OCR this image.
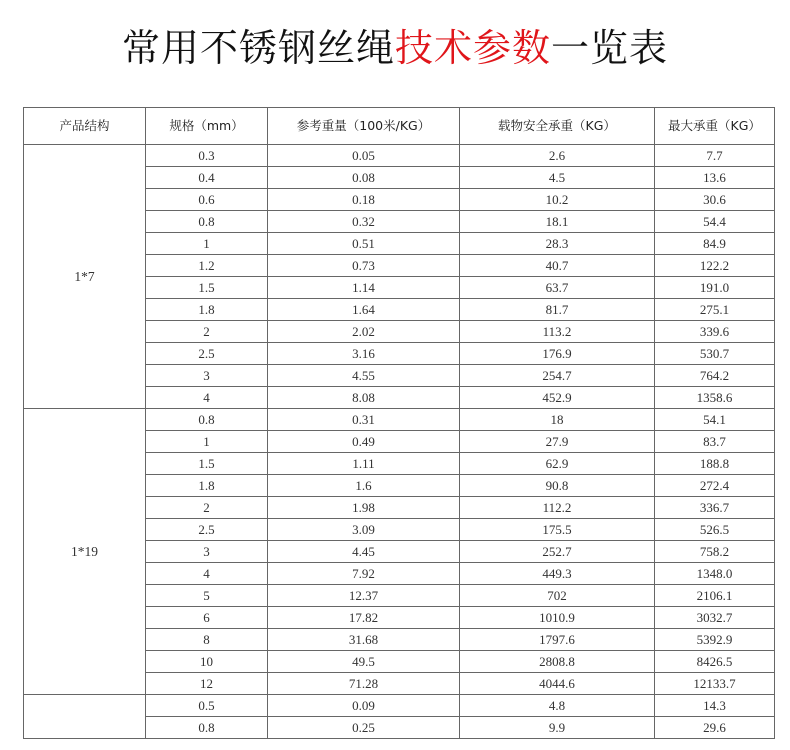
常用不锈钢丝绳技术参数一览表
产品结构	规格（mm）	参考重量（100米/KG）	载物安全承重（KG）	最大承重（KG）
1*7	0.3	0.05	2.6	7.7
	0.4	0.08	4.5	13.6
	0.6	0.18	10.2	30.6
	0.8	0.32	18.1	54.4
	1	0.51	28.3	84.9
	1.2	0.73	40.7	122.2
	1.5	1.14	63.7	191.0
	1.8	1.64	81.7	275.1
	2	2.02	113.2	339.6
	2.5	3.16	176.9	530.7
	3	4.55	254.7	764.2
	4	8.08	452.9	1358.6
1*19	0.8	0.31	18	54.1
	1	0.49	27.9	83.7
	1.5	1.11	62.9	188.8
	1.8	1.6	90.8	272.4
	2	1.98	112.2	336.7
	2.5	3.09	175.5	526.5
	3	4.45	252.7	758.2
	4	7.92	449.3	1348.0
	5	12.37	702	2106.1
	6	17.82	1010.9	3032.7
	8	31.68	1797.6	5392.9
	10	49.5	2808.8	8426.5
	12	71.28	4044.6	12133.7
	0.5	0.09	4.8	14.3
	0.8	0.25	9.9	29.6
